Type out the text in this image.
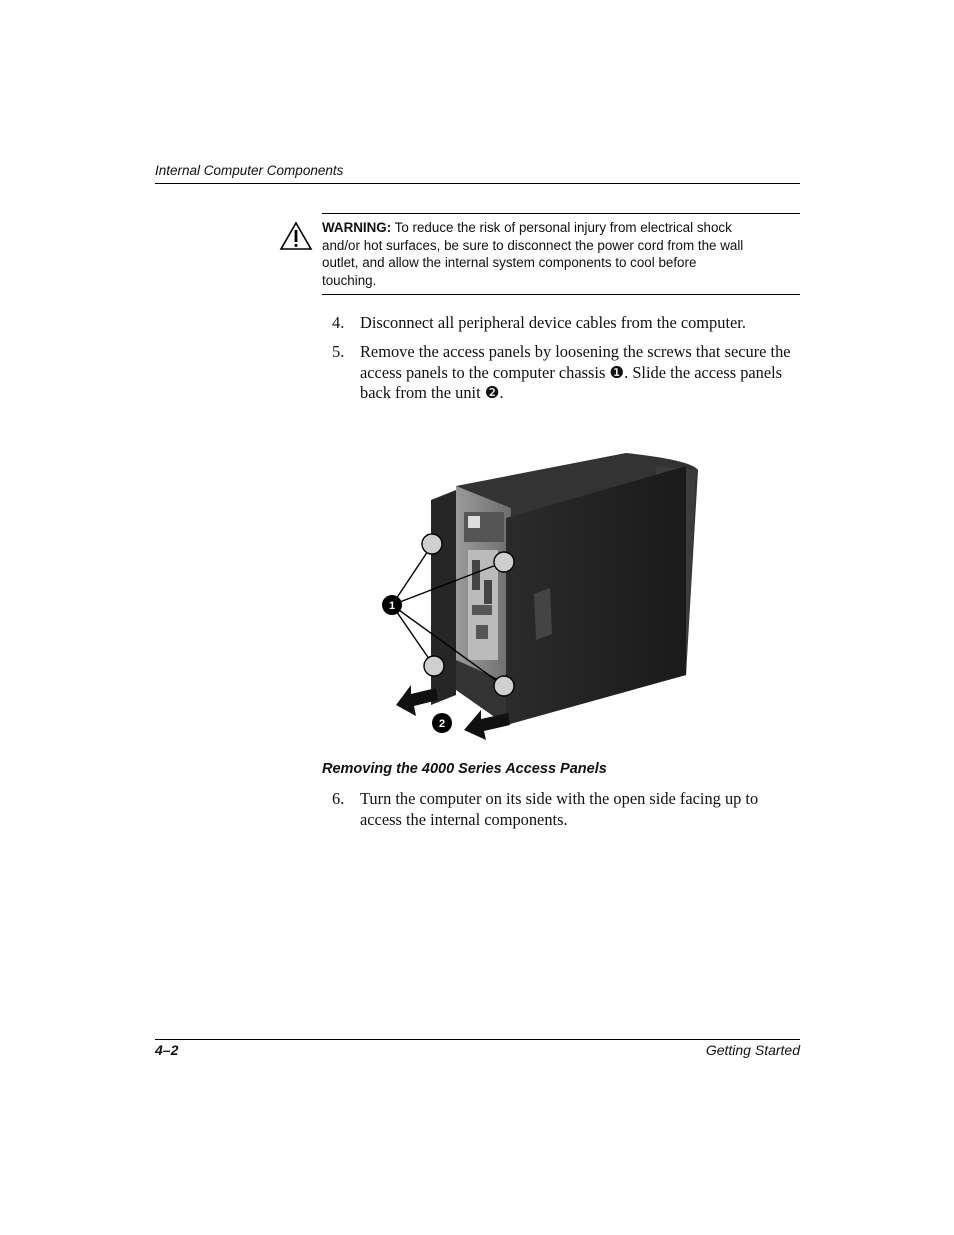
Internal Computer Components
WARNING: To reduce the risk of personal injury from electrical shock
and/or hot surfaces, be sure to disconnect the power cord from the wall
outlet, and allow the internal system components to cool before
touching.
4. Disconnect all peripheral device cables from the computer.
5. Remove the access panels by loosening the screws that secure the access panels to the computer chassis ❶. Slide the access panels back from the unit ❷.
1
2
Removing the 4000 Series Access Panels
6. Turn the computer on its side with the open side facing up to access the internal components.
4–2	Getting Started
